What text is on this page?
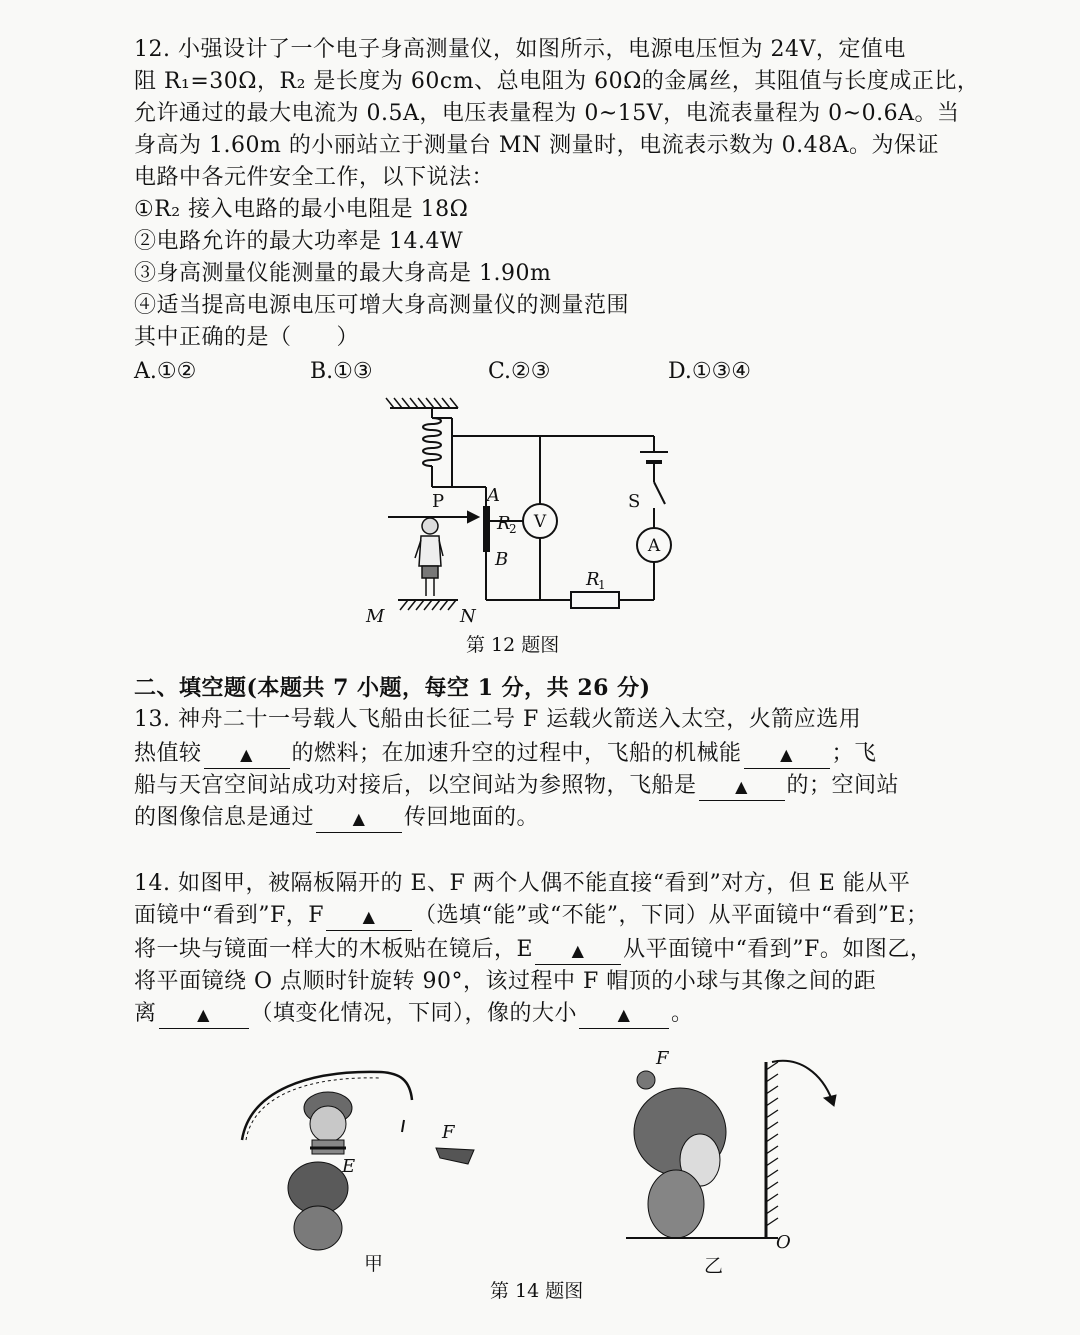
12. 小强设计了一个电子身高测量仪，如图所示，电源电压恒为 24V，定值电
阻 R₁=30Ω，R₂ 是长度为 60cm、总电阻为 60Ω的金属丝，其阻值与长度成正比，
允许通过的最大电流为 0.5A，电压表量程为 0~15V，电流表量程为 0~0.6A。当
身高为 1.60m 的小丽站立于测量台 MN 测量时，电流表示数为 0.48A。为保证
电路中各元件安全工作，以下说法：
①R₂ 接入电路的最小电阻是 18Ω
②电路允许的最大功率是 14.4W
③身高测量仪能测量的最大身高是 1.90m
④适当提高电源电压可增大身高测量仪的测量范围
其中正确的是（　　）
A.①②	B.①③	C.②③	D.①③④
P A
R
2
B
V
S
A
R
1
M	N
第 12 题图
二、填空题(本题共 7 小题，每空 1 分，共 26 分)
13. 神舟二十一号载人飞船由长征二号 F 运载火箭送入太空，火箭应选用
热值较 ▲ 的燃料；在加速升空的过程中，飞船的机械能 ▲ ；飞
船与天宫空间站成功对接后，以空间站为参照物，飞船是 ▲ 的；空间站
的图像信息是通过 ▲ 传回地面的。
14. 如图甲，被隔板隔开的 E、F 两个人偶不能直接“看到”对方，但 E 能从平
面镜中“看到”F，F ▲ （选填“能”或“不能”，下同）从平面镜中“看到”E；
将一块与镜面一样大的木板贴在镜后，E ▲ 从平面镜中“看到”F。如图乙，
将平面镜绕 O 点顺时针旋转 90°，该过程中 F 帽顶的小球与其像之间的距
离	▲ （填变化情况，下同），像的大小	▲ 。
F
E
F
O
甲	乙
第 14 题图
